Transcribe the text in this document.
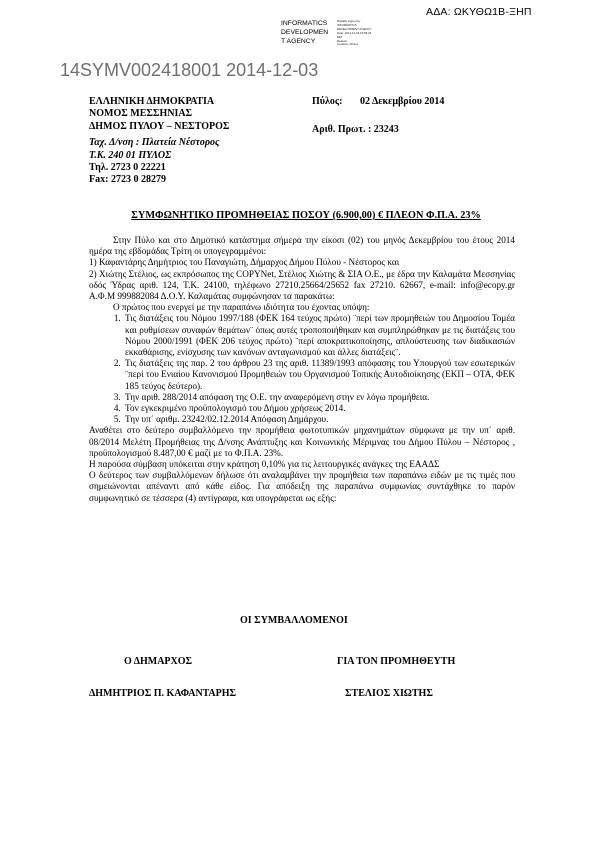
ΑΔΑ: ΩΚΥΘΩ1Β-ΞΗΠ
INFORMATICS
DEVELOPMEN
T AGENCY
Digitally signed by
INFORMATICS
DEVELOPMENT AGENCY
Date: 2014.12.03 15:59:23
EET
Reason:
Location: Athens
14SYMV002418001 2014-12-03
ΕΛΛΗΝΙΚΗ ΔΗΜΟΚΡΑΤΙΑ
ΝΟΜΟΣ ΜΕΣΣΗΝΙΑΣ
ΔΗΜΟΣ ΠΥΛΟΥ – ΝΕΣΤΟΡΟΣ
Ταχ. Δ/νση : Πλατεία Νέστορος
Τ.Κ. 240 01 ΠΥΛΟΣ
Τηλ. 2723 0 22221
Fax: 2723 0 28279
Πύλος: 02 Δεκεμβρίου 2014
Αριθ. Πρωτ. : 23243
ΣΥΜΦΩΝΗΤΙΚΟ ΠΡΟΜΗΘΕΙΑΣ ΠΟΣΟΥ (6.900,00) € ΠΛΕΟΝ Φ.Π.Α. 23%

Στην Πύλο και στο Δημοτικό κατάστημα σήμερα την είκοσι (02) του μηνός Δεκεμβρίου του έτους 2014 ημέρα της εβδομάδας Τρίτη οι υπογεγραμμένοι:

1) Καφαντάρης Δημήτριος του Παναγιώτη, Δήμαρχος Δήμου Πύλου - Νέστορος και

2) Χιώτης Στέλιος, ως εκπρόσωπος της COPYNet, Στέλιος Χιώτης & ΣΙΑ Ο.Ε., με έδρα την Καλαμάτα Μεσσηνίας οδός Ύδρας αριθ. 124, Τ.Κ. 24100, τηλέφωνο 27210.25664/25652 fax 27210. 62667, e-mail: info@ecopy.gr Α.Φ.Μ 999882084 Δ.Ο.Υ. Καλαμάτας συμφώνησαν τα παρακάτω:

Ο πρώτος που ενεργεί με την παραπάνω ιδιότητα του έχοντας υπόψη:

1. Τις διατάξεις του Νόμου 1997/188 (ΦΕΚ 164 τεύχος πρώτο) ¨περί των προμηθειών του Δημοσίου Τομέα και ρυθμίσεων συναφών θεμάτων¨ όπως αυτές τροποποιήθηκαν και συμπληρώθηκαν με τις διατάξεις του Νόμου 2000/1991 (ΦΕΚ 206 τεύχος πρώτο) ¨περί αποκρατικοποίησης, απλούστευσης των διαδικασιών εκκαθάρισης, ενίσχυσης των κανόνων ανταγωνισμού και άλλες διατάξεις¨.
2. Τις διατάξεις της παρ. 2 του άρθρου 23 της αριθ. 11389/1993 απόφασης του Υπουργού των εσωτερικών ¨περί του Ενιαίου Κανονισμού Προμηθειών του Οργανισμού Τοπικής Αυτοδιοίκησης (ΕΚΠ – ΟΤΑ, ΦΕΚ 185 τεύχος δεύτερο).
3. Την αριθ. 288/2014 απόφαση της Ο.Ε. την αναφερόμενη στην εν λόγω προμήθεια.
4. Τον εγκεκριμένο προϋπολογισμό του Δήμου χρήσεως 2014.
5. Την υπ΄ αριθμ. 23242/02.12.2014 Απόφαση Δημάρχου.

Αναθέτει στο δεύτερο συμβαλλόμενο την προμήθεια φωτοτυπικών μηχανημάτων σύμφωνα με την υπ΄ αριθ. 08/2014 Μελέτη Προμήθειας της Δ/νσης Ανάπτυξης και Κοινωνικής Μέριμνας του Δήμου Πύλου – Νέστορος , προϋπολογισμού 8.487,00 € μαζί με το Φ.Π.Α. 23%.

Η παρούσα σύμβαση υπόκειται στην κράτηση 0,10% για τις λειτουργικές ανάγκες της ΕΑΑΔΣ

Ο δεύτερος των συμβαλλόμενων δήλωσε ότι αναλαμβάνει την προμήθεια των παραπάνω ειδών με τις τιμές που σημειώνονται απέναντι από κάθε είδος. Για απόδειξη της παραπάνω συμφωνίας συντάχθηκε το παρόν συμφωνητικό σε τέσσερα (4) αντίγραφα, και υπογράφεται ως εξής:

ΟΙ ΣΥΜΒΑΛΛΟΜΕΝΟΙ
Ο ΔΗΜΑΡΧΟΣ	ΓΙΑ ΤΟΝ ΠΡΟΜΗΘΕΥΤΗ
ΔΗΜΗΤΡΙΟΣ Π. ΚΑΦΑΝΤΑΡΗΣ	ΣΤΕΛΙΟΣ ΧΙΩΤΗΣ
